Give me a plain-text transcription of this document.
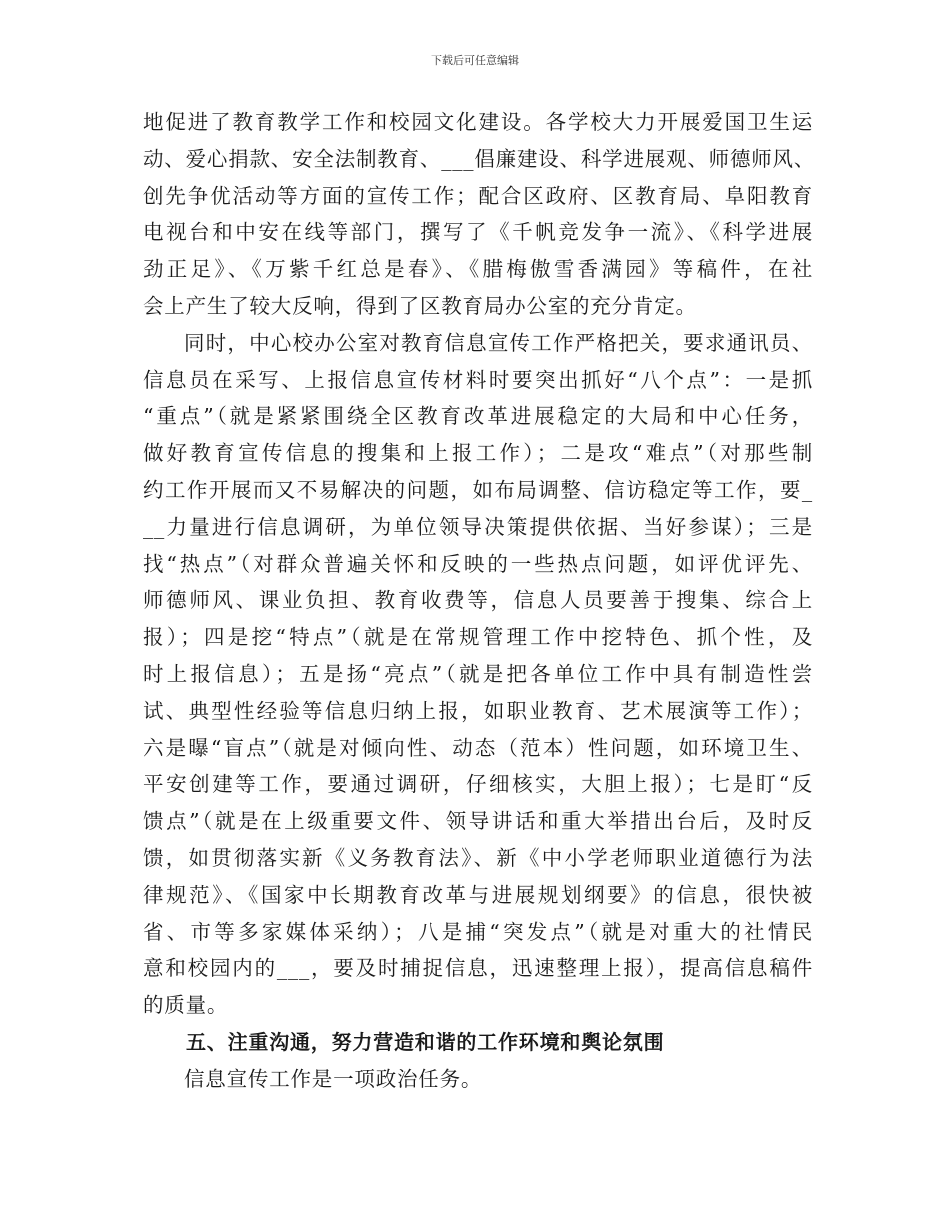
下载后可任意编辑
地促进了教育教学工作和校园文化建设。各学校大力开展爱国卫生运
动、爱心捐款、安全法制教育、___倡廉建设、科学进展观、师德师风、
创先争优活动等方面的宣传工作；配合区政府、区教育局、阜阳教育
电视台和中安在线等部门，撰写了《千帆竞发争一流》、《科学进展
劲正足》、《万紫千红总是春》、《腊梅傲雪香满园》等稿件，在社
会上产生了较大反响，得到了区教育局办公室的充分肯定。
同时，中心校办公室对教育信息宣传工作严格把关，要求通讯员、
信息员在采写、上报信息宣传材料时要突出抓好“八个点”：一是抓
“重点”（就是紧紧围绕全区教育改革进展稳定的大局和中心任务，
做好教育宣传信息的搜集和上报工作）；二是攻“难点”（对那些制
约工作开展而又不易解决的问题，如布局调整、信访稳定等工作，要_
__力量进行信息调研，为单位领导决策提供依据、当好参谋）；三是
找“热点”（对群众普遍关怀和反映的一些热点问题，如评优评先、
师德师风、课业负担、教育收费等，信息人员要善于搜集、综合上
报）；四是挖“特点”（就是在常规管理工作中挖特色、抓个性，及
时上报信息）；五是扬“亮点”（就是把各单位工作中具有制造性尝
试、典型性经验等信息归纳上报，如职业教育、艺术展演等工作）；
六是曝“盲点”（就是对倾向性、动态（范本）性问题，如环境卫生、
平安创建等工作，要通过调研，仔细核实，大胆上报）；七是盯“反
馈点”（就是在上级重要文件、领导讲话和重大举措出台后，及时反
馈，如贯彻落实新《义务教育法》、新《中小学老师职业道德行为法
律规范》、《国家中长期教育改革与进展规划纲要》的信息，很快被
省、市等多家媒体采纳）；八是捕“突发点”（就是对重大的社情民
意和校园内的___，要及时捕捉信息，迅速整理上报），提高信息稿件
的质量。
五、注重沟通，努力营造和谐的工作环境和舆论氛围
信息宣传工作是一项政治任务。
